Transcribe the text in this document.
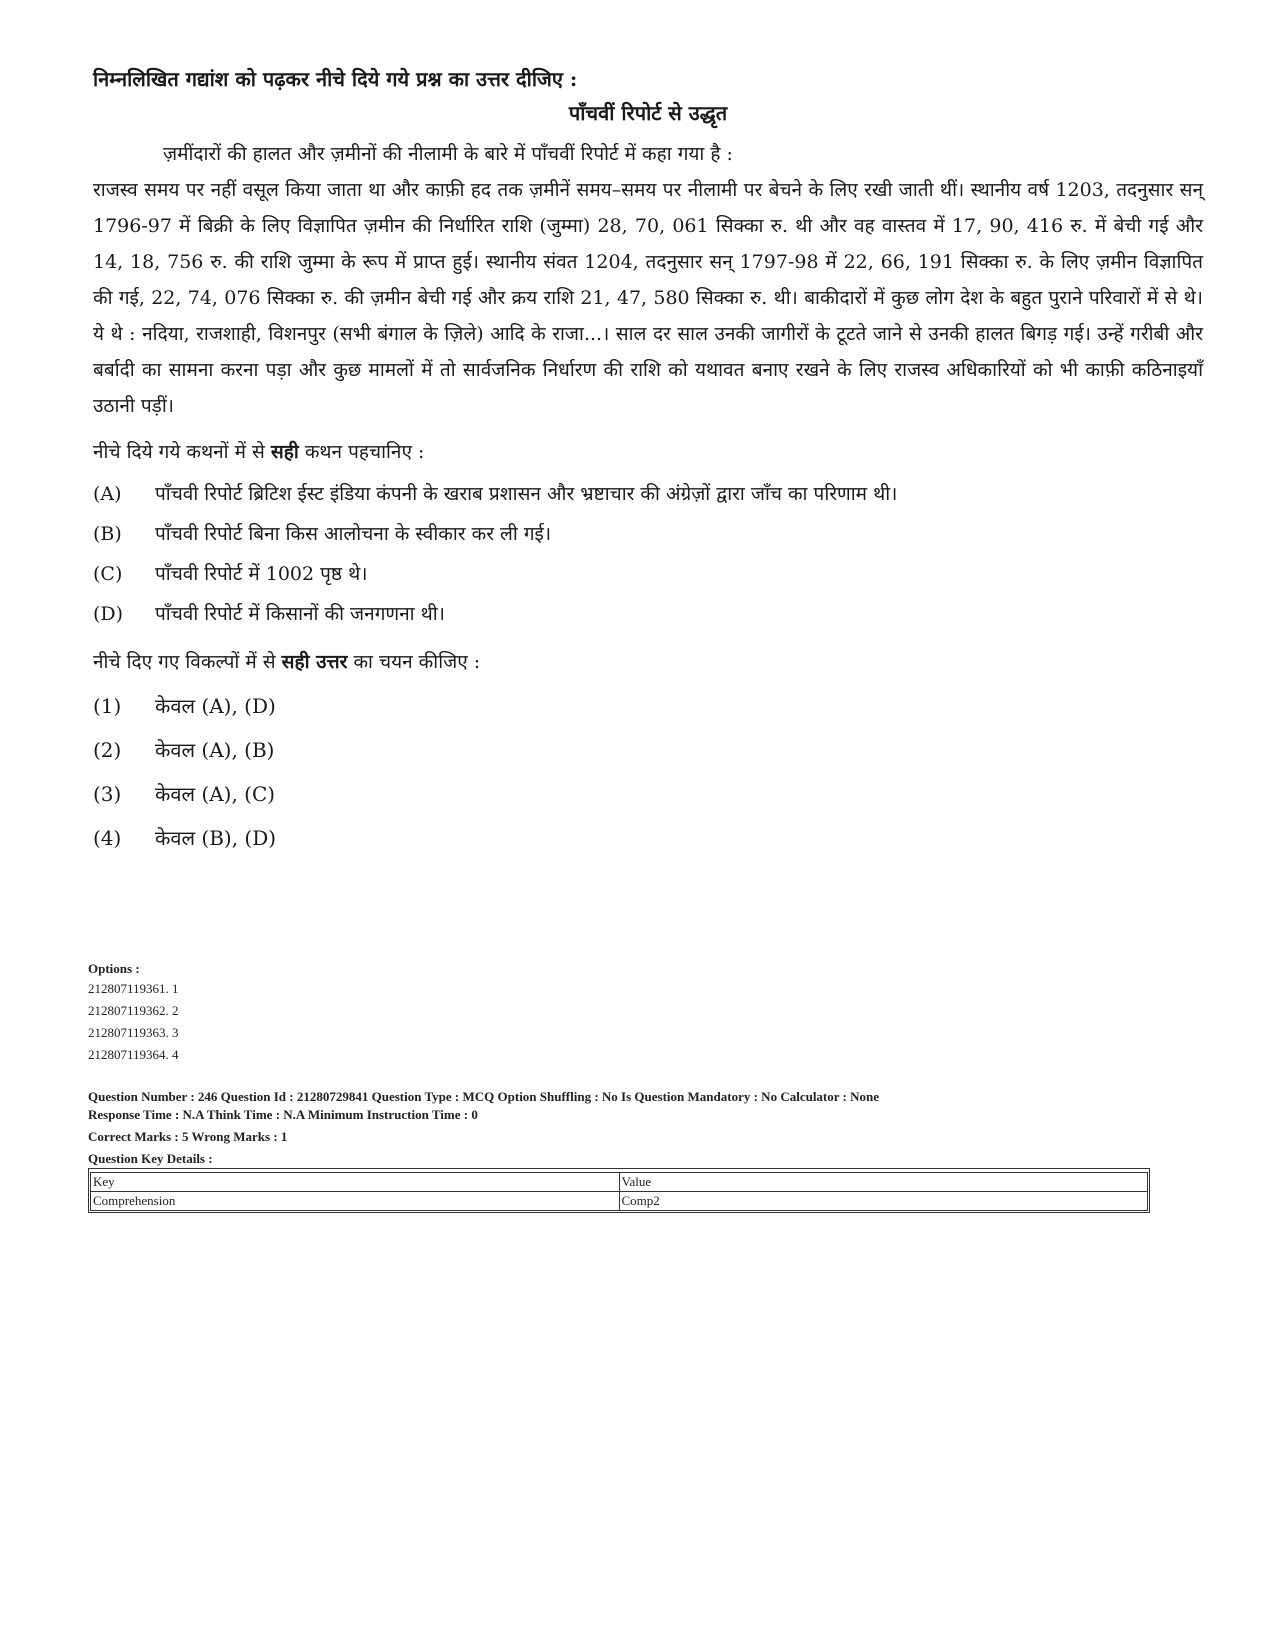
निम्नलिखित गद्यांश को पढ़कर नीचे दिये गये प्रश्न का उत्तर दीजिए :

पाँचवीं रिपोर्ट से उद्धृत

ज़मींदारों की हालत और ज़मीनों की नीलामी के बारे में पाँचवीं रिपोर्ट में कहा गया है :

राजस्व समय पर नहीं वसूल किया जाता था और काफ़ी हद तक ज़मीनें समय–समय पर नीलामी पर बेचने के लिए रखी जाती थीं। स्थानीय वर्ष 1203, तदनुसार सन् 1796-97 में बिक्री के लिए विज्ञापित ज़मीन की निर्धारित राशि (जुम्मा) 28, 70, 061 सिक्का रु. थी और वह वास्तव में 17, 90, 416 रु. में बेची गई और 14, 18, 756 रु. की राशि जुम्मा के रूप में प्राप्त हुई। स्थानीय संवत 1204, तदनुसार सन् 1797-98 में 22, 66, 191 सिक्का रु. के लिए ज़मीन विज्ञापित की गई, 22, 74, 076 सिक्का रु. की ज़मीन बेची गई और क्रय राशि 21, 47, 580 सिक्का रु. थी। बाकीदारों में कुछ लोग देश के बहुत पुराने परिवारों में से थे। ये थे : नदिया, राजशाही, विशनपुर (सभी बंगाल के ज़िले) आदि के राजा...। साल दर साल उनकी जागीरों के टूटते जाने से उनकी हालत बिगड़ गई। उन्हें गरीबी और बर्बादी का सामना करना पड़ा और कुछ मामलों में तो सार्वजनिक निर्धारण की राशि को यथावत बनाए रखने के लिए राजस्व अधिकारियों को भी काफ़ी कठिनाइयाँ उठानी पड़ीं।

नीचे दिये गये कथनों में से सही कथन पहचानिए :

(A)	पाँचवी रिपोर्ट ब्रिटिश ईस्ट इंडिया कंपनी के खराब प्रशासन और भ्रष्टाचार की अंग्रेज़ों द्वारा जाँच का परिणाम थी।
(B)	पाँचवी रिपोर्ट बिना किस आलोचना के स्वीकार कर ली गई।
(C)	पाँचवी रिपोर्ट में 1002 पृष्ठ थे।
(D)	पाँचवी रिपोर्ट में किसानों की जनगणना थी।

नीचे दिए गए विकल्पों में से सही उत्तर का चयन कीजिए :

(1)	केवल (A), (D)
(2)	केवल (A), (B)
(3)	केवल (A), (C)
(4)	केवल (B), (D)
Options :
212807119361. 1
212807119362. 2
212807119363. 3
212807119364. 4
Question Number : 246 Question Id : 21280729841 Question Type : MCQ Option Shuffling : No Is Question Mandatory : No Calculator : None
Response Time : N.A Think Time : N.A Minimum Instruction Time : 0
Correct Marks : 5 Wrong Marks : 1
Question Key Details :
Key	Value
Comprehension	Comp2
